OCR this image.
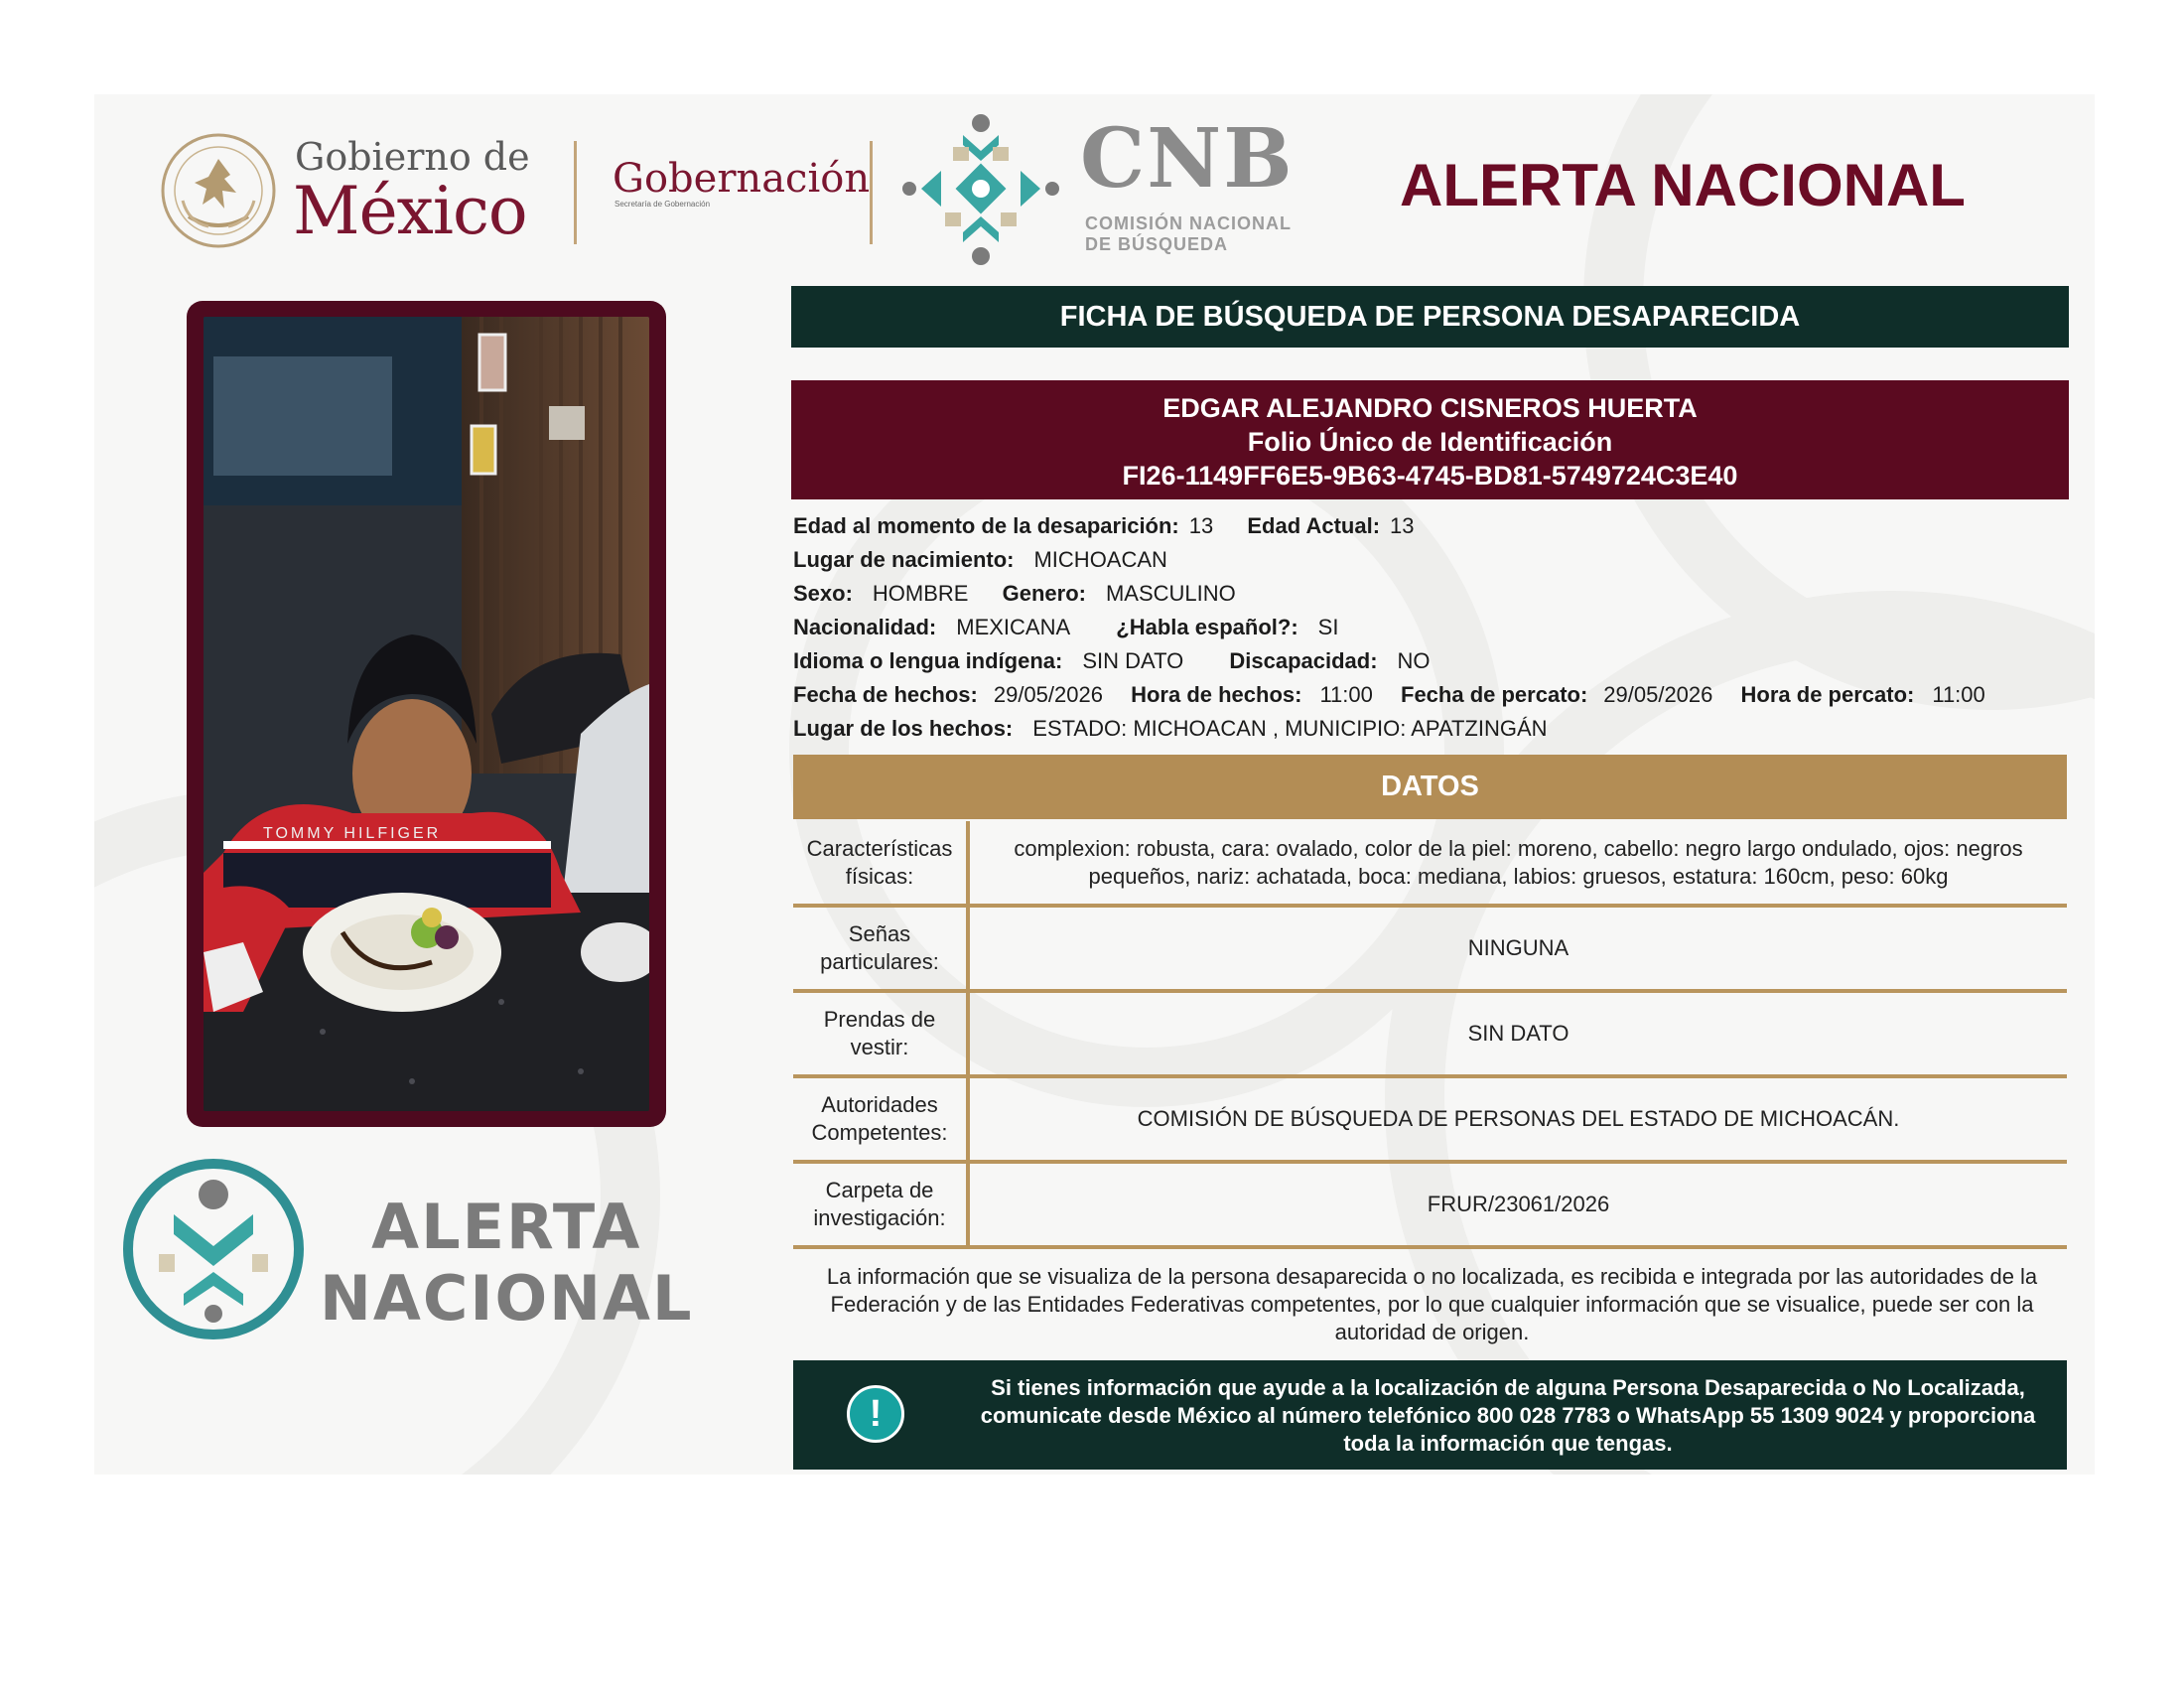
Gobierno de
México Gobernación
Secretaría de Gobernación	CNB
COMISIÓN NACIONAL
DE BÚSQUEDA
ALERTA NACIONAL
TOMMY HILFIGER
ALERTA
NACIONAL
FICHA DE BÚSQUEDA DE PERSONA DESAPARECIDA
EDGAR ALEJANDRO CISNEROS HUERTA
Folio Único de Identificación
FI26-1149FF6E5-9B63-4745-BD81-5749724C3E40
Edad al momento de la desaparición: 13 Edad Actual: 13
Lugar de nacimiento: MICHOACAN
Sexo: HOMBRE Genero: MASCULINO
Nacionalidad: MEXICANA ¿Habla español?: SI
Idioma o lengua indígena: SIN DATO Discapacidad: NO
Fecha de hechos: 29/05/2026 Hora de hechos: 11:00 Fecha de percato: 29/05/2026 Hora de percato: 11:00
Lugar de los hechos: ESTADO: MICHOACAN , MUNICIPIO: APATZINGÁN
DATOS
Características físicas:	complexion: robusta, cara: ovalado, color de la piel: moreno, cabello: negro largo ondulado, ojos: negros pequeños, nariz: achatada, boca: mediana, labios: gruesos, estatura: 160cm, peso: 60kg
Señas particulares:	NINGUNA
Prendas de vestir:	SIN DATO
Autoridades Competentes:	COMISIÓN DE BÚSQUEDA DE PERSONAS DEL ESTADO DE MICHOACÁN.
Carpeta de investigación:	FRUR/23061/2026
La información que se visualiza de la persona desaparecida o no localizada, es recibida e integrada por las autoridades de la Federación y de las Entidades Federativas competentes, por lo que cualquier información que se visualice, puede ser con la autoridad de origen.
!
Si tienes información que ayude a la localización de alguna Persona Desaparecida o No Localizada, comunicate desde México al número telefónico 800 028 7783 o WhatsApp 55 1309 9024 y proporciona toda la información que tengas.
